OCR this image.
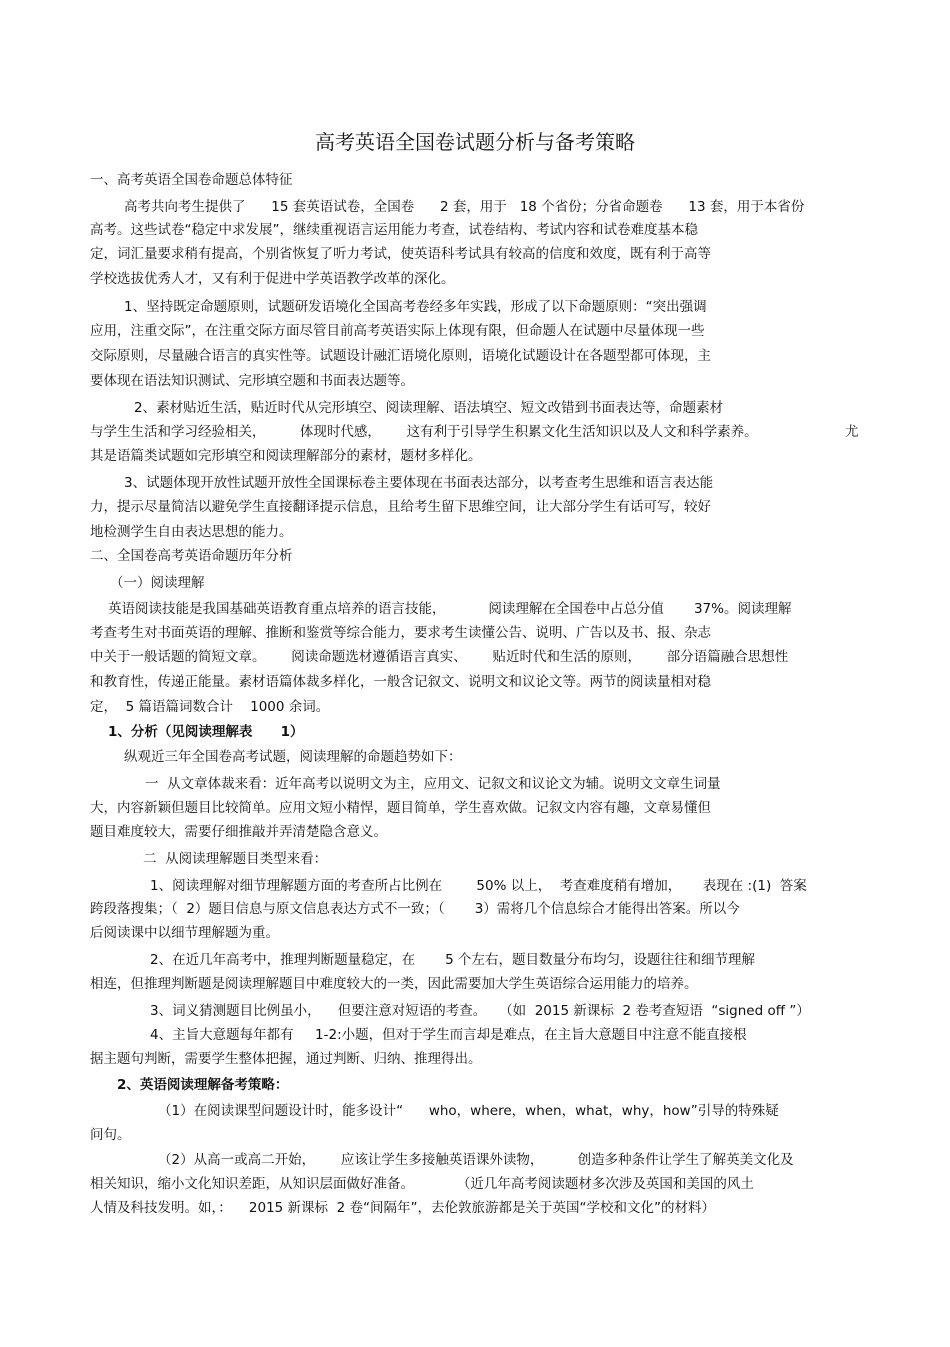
高考英语全国卷试题分析与备考策略
一、高考英语全国卷命题总体特征
高考共向考生提供了      15 套英语试卷，全国卷      2 套，用于   18 个省份；分省命题卷      13 套，用于本省份
高考。这些试卷“稳定中求发展”，继续重视语言运用能力考查，试卷结构、考试内容和试卷难度基本稳
定，词汇量要求稍有提高，个别省恢复了听力考试，使英语科考试具有较高的信度和效度，既有利于高等
学校选拔优秀人才，又有利于促进中学英语教学改革的深化。
1、坚持既定命题原则，试题研发语境化全国高考卷经多年实践，形成了以下命题原则：“突出强调
应用，注重交际”，在注重交际方面尽管目前高考英语实际上体现有限，但命题人在试题中尽量体现一些
交际原则，尽量融合语言的真实性等。试题设计融汇语境化原则，语境化试题设计在各题型都可体现，主
要体现在语法知识测试、完形填空题和书面表达题等。
2、素材贴近生活，贴近时代从完形填空、阅读理解、语法填空、短文改错到书面表达等，命题素材
与学生生活和学习经验相关，        体现时代感，      这有利于引导学生积累文化生活知识以及人文和科学素养。	尤
其是语篇类试题如完形填空和阅读理解部分的素材，题材多样化。
3、试题体现开放性试题开放性全国课标卷主要体现在书面表达部分，以考查考生思维和语言表达能
力，提示尽量简洁以避免学生直接翻译提示信息，且给考生留下思维空间，让大部分学生有话可写，较好
地检测学生自由表达思想的能力。
二、全国卷高考英语命题历年分析
（一）阅读理解
英语阅读技能是我国基础英语教育重点培养的语言技能，          阅读理解在全国卷中占总分值       37%。阅读理解
考查考生对书面英语的理解、推断和鉴赏等综合能力，要求考生读懂公告、说明、广告以及书、报、杂志
中关于一般话题的简短文章。      阅读命题选材遵循语言真实、      贴近时代和生活的原则，      部分语篇融合思想性
和教育性，传递正能量。素材语篇体裁多样化，一般含记叙文、说明文和议论文等。两节的阅读量相对稳
定，  5 篇语篇词数合计    1000 余词。
1、分析（见阅读理解表      1）
纵观近三年全国卷高考试题，阅读理解的命题趋势如下：
一  从文章体裁来看：近年高考以说明文为主，应用文、记叙文和议论文为辅。说明文文章生词量
大，内容新颖但题目比较简单。应用文短小精悍，题目简单，学生喜欢做。记叙文内容有趣，文章易懂但
题目难度较大，需要仔细推敲并弄清楚隐含意义。
二  从阅读理解题目类型来看：
1、阅读理解对细节理解题方面的考查所占比例在        50% 以上，  考查难度稍有增加，     表现在 :(1)  答案
跨段落搜集；（  2）题目信息与原文信息表达方式不一致；（       3）需将几个信息综合才能得出答案。所以今
后阅读课中以细节理解题为重。
2、在近几年高考中，推理判断题量稳定，在       5 个左右，题目数量分布均匀，设题往往和细节理解
相连，但推理判断题是阅读理解题目中难度较大的一类，因此需要加大学生英语综合运用能力的培养。
3、词义猜测题目比例虽小，    但要注意对短语的考查。   （如  2015 新课标  2 卷考查短语  “signed off ”）
4、主旨大意题每年都有     1-2:小题，但对于学生而言却是难点，在主旨大意题目中注意不能直接根
据主题句判断，需要学生整体把握，通过判断、归纳、推理得出。
2、英语阅读理解备考策略：
（1）在阅读课型问题设计时，能多设计“      who，where，when，what，why，how”引导的特殊疑
问句。
（2）从高一或高二开始，      应该让学生多接触英语课外读物，        创造多种条件让学生了解英美文化及
相关知识，缩小文化知识差距，从知识层面做好准备。          （近几年高考阅读题材多次涉及英国和美国的风土
人情及科技发明。如，：    2015 新课标  2 卷“间隔年”，去伦敦旅游都是关于英国“学校和文化”的材料）
